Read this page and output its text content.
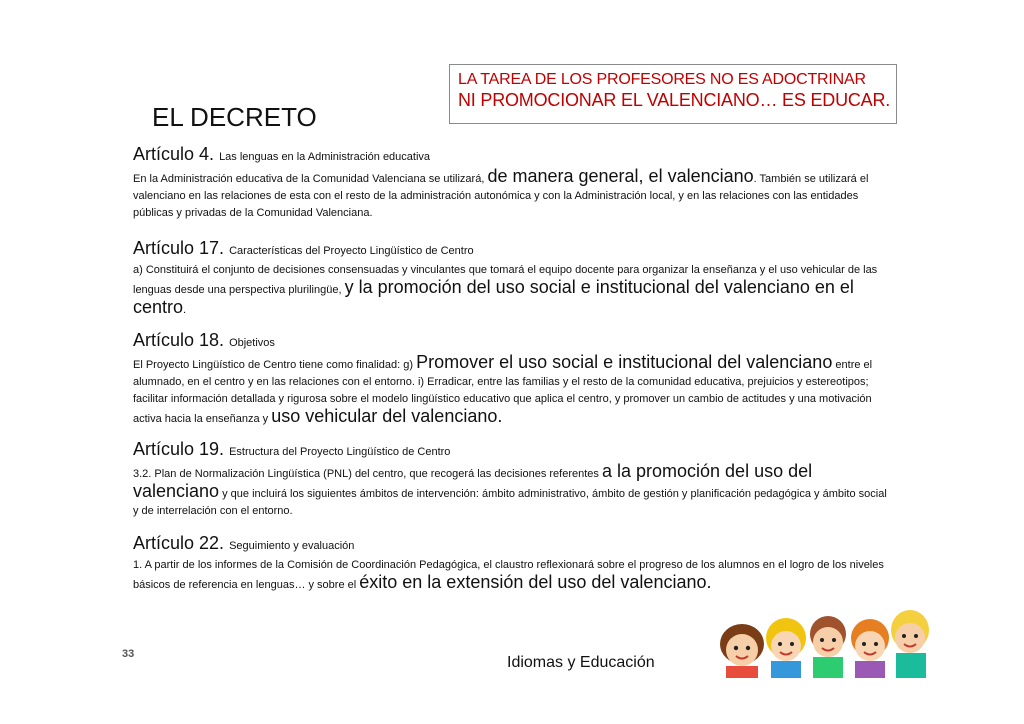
LA TAREA DE LOS PROFESORES NO ES ADOCTRINAR
NI PROMOCIONAR EL VALENCIANO… ES EDUCAR.
EL DECRETO
Artículo 4. Las lenguas en la Administración educativa
En la Administración educativa de la Comunidad Valenciana se utilizará, de manera general, el valenciano. También se utilizará el valenciano en las relaciones de esta con el resto de la administración autonómica y con la Administración local, y en las relaciones con las entidades públicas y privadas de la Comunidad Valenciana.
Artículo 17. Características del Proyecto Lingüístico de Centro
a) Constituirá el conjunto de decisiones consensuadas y vinculantes que tomará el equipo docente para organizar la enseñanza y el uso vehicular de las lenguas desde una perspectiva plurilingüe, y la promoción del uso social e institucional del valenciano en el centro.
Artículo 18. Objetivos
El Proyecto Lingüístico de Centro tiene como finalidad: g) Promover el uso social e institucional del valenciano entre el alumnado, en el centro y en las relaciones con el entorno. i) Erradicar, entre las familias y el resto de la comunidad educativa, prejuicios y estereotipos; facilitar información detallada y rigurosa sobre el modelo lingüístico educativo que aplica el centro, y promover un cambio de actitudes y una motivación activa hacia la enseñanza y uso vehicular del valenciano.
Artículo 19. Estructura del Proyecto Lingüístico de Centro
3.2. Plan de Normalización Lingüística (PNL) del centro, que recogerá las decisiones referentes a la promoción del uso del valenciano y que incluirá los siguientes ámbitos de intervención: ámbito administrativo, ámbito de gestión y planificación pedagógica y ámbito social y de interrelación con el entorno.
Artículo 22. Seguimiento y evaluación
1. A partir de los informes de la Comisión de Coordinación Pedagógica, el claustro reflexionará sobre el progreso de los alumnos en el logro de los niveles básicos de referencia en lenguas… y sobre el éxito en la extensión del uso del valenciano.
33	Idiomas y Educación
